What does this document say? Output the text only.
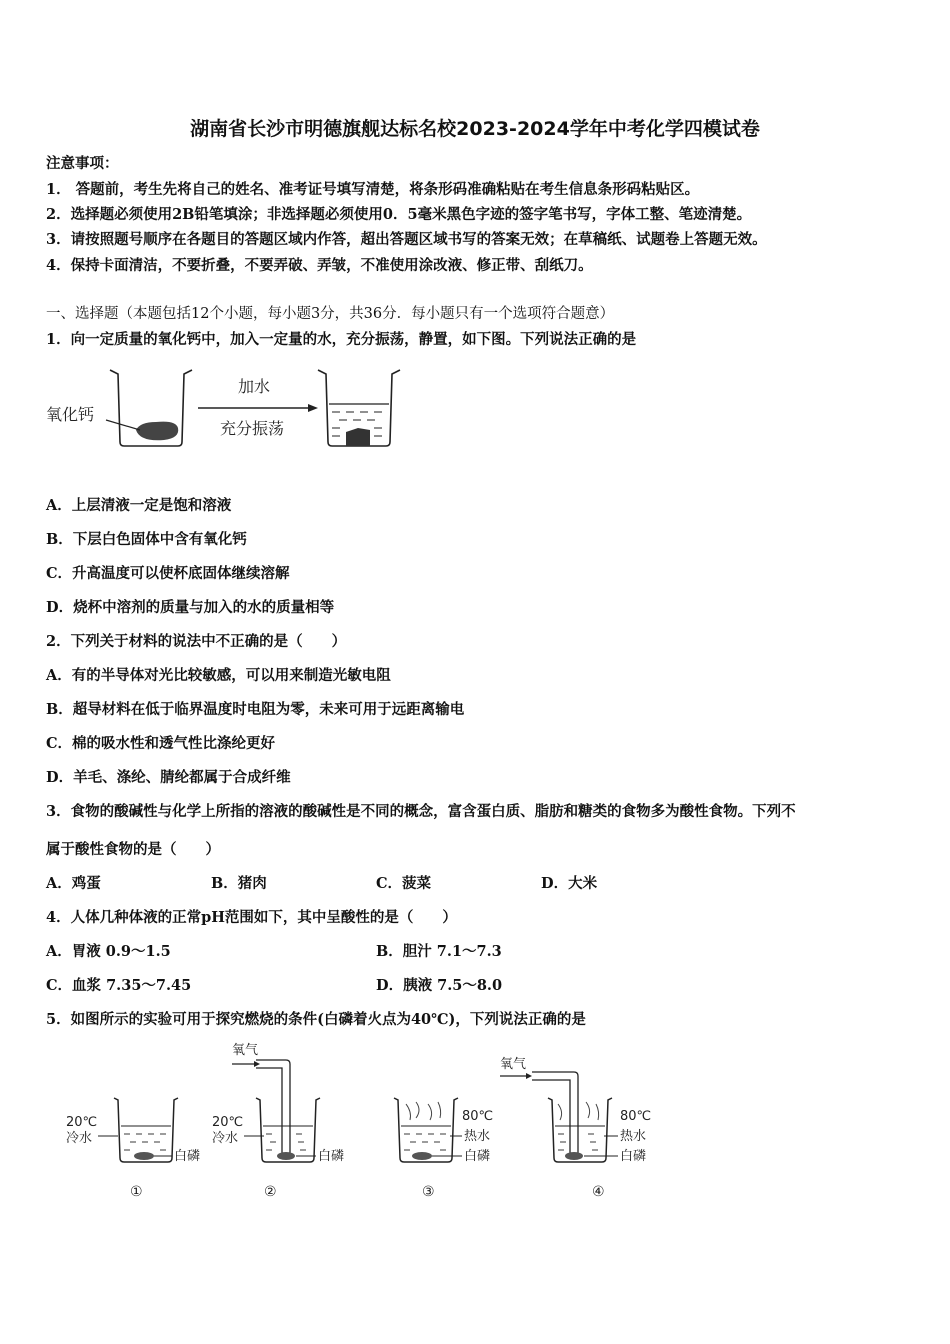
湖南省长沙市明德旗舰达标名校2023-2024学年中考化学四模试卷
注意事项：
1． 答题前，考生先将自己的姓名、准考证号填写清楚，将条形码准确粘贴在考生信息条形码粘贴区。
2．选择题必须使用2B铅笔填涂；非选择题必须使用0．5毫米黑色字迹的签字笔书写，字体工整、笔迹清楚。
3．请按照题号顺序在各题目的答题区域内作答，超出答题区域书写的答案无效；在草稿纸、试题卷上答题无效。
4．保持卡面清洁，不要折叠，不要弄破、弄皱，不准使用涂改液、修正带、刮纸刀。
一、选择题（本题包括12个小题，每小题3分，共36分．每小题只有一个选项符合题意）
1．向一定质量的氧化钙中，加入一定量的水，充分振荡，静置，如下图。下列说法正确的是
氧化钙
加水
充分振荡
A．上层清液一定是饱和溶液
B．下层白色固体中含有氧化钙
C．升高温度可以使杯底固体继续溶解
D．烧杯中溶剂的质量与加入的水的质量相等
2．下列关于材料的说法中不正确的是（　　）
A．有的半导体对光比较敏感，可以用来制造光敏电阻
B．超导材料在低于临界温度时电阻为零，未来可用于远距离输电
C．棉的吸水性和透气性比涤纶更好
D．羊毛、涤纶、腈纶都属于合成纤维
3．食物的酸碱性与化学上所指的溶液的酸碱性是不同的概念，富含蛋白质、脂肪和糖类的食物多为酸性食物。下列不
属于酸性食物的是（　　）
A．鸡蛋	B．猪肉	C．菠菜	D．大米
4．人体几种体液的正常pH范围如下，其中呈酸性的是（　　）
A．胃液 0.9～1.5	B．胆汁 7.1～7.3
C．血浆 7.35～7.45	D．胰液 7.5～8.0
5．如图所示的实验可用于探究燃烧的条件(白磷着火点为40℃)，下列说法正确的是
20℃
冷水
白磷
①
氧气
20℃
冷水
白磷
②
80℃
热水
白磷
③
氧气
80℃
热水
白磷
④
